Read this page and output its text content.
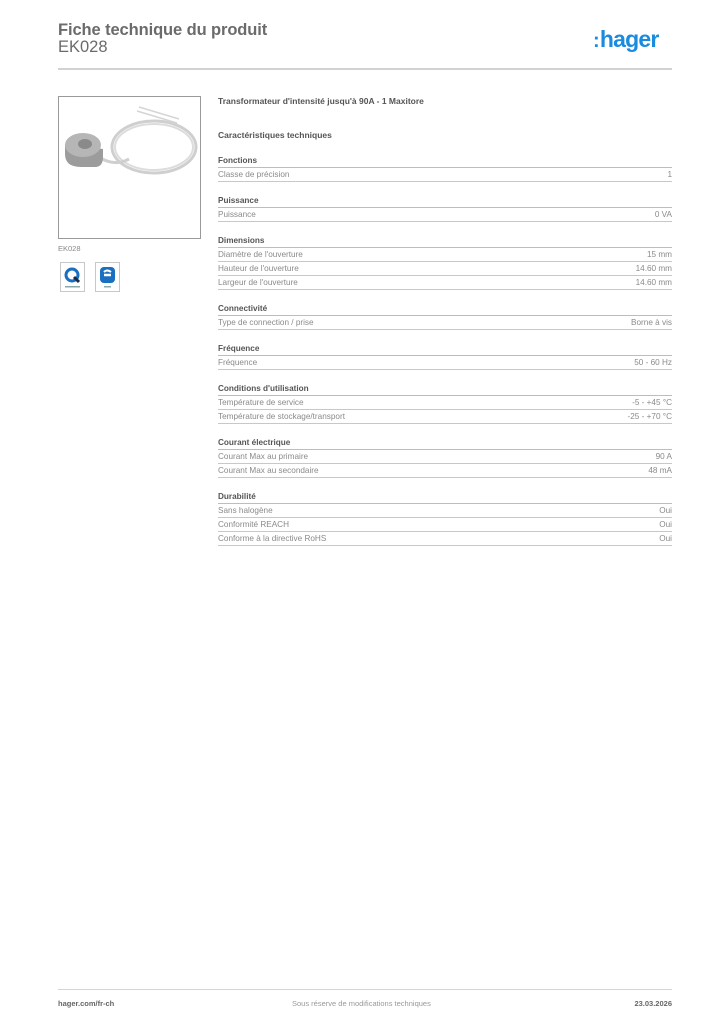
Fiche technique du produit
EK028	:hager
EK028
Transformateur d'intensité jusqu'à 90A - 1 Maxitore
Caractéristiques techniques
Fonctions
Classe de précision	1
Puissance
Puissance	0 VA
Dimensions
Diamètre de l'ouverture	15 mm
Hauteur de l'ouverture	14.60 mm
Largeur de l'ouverture	14.60 mm
Connectivité
Type de connection / prise	Borne à vis
Fréquence
Fréquence	50 - 60 Hz
Conditions d'utilisation
Température de service	-5 - +45 °C
Température de stockage/transport	-25 - +70 °C
Courant électrique
Courant Max au primaire	90 A
Courant Max au secondaire	48 mA
Durabilité
Sans halogène	Oui
Conformité REACH	Oui
Conforme à la directive RoHS	Oui
hager.com/fr-ch	Sous réserve de modifications techniques	23.03.2026
